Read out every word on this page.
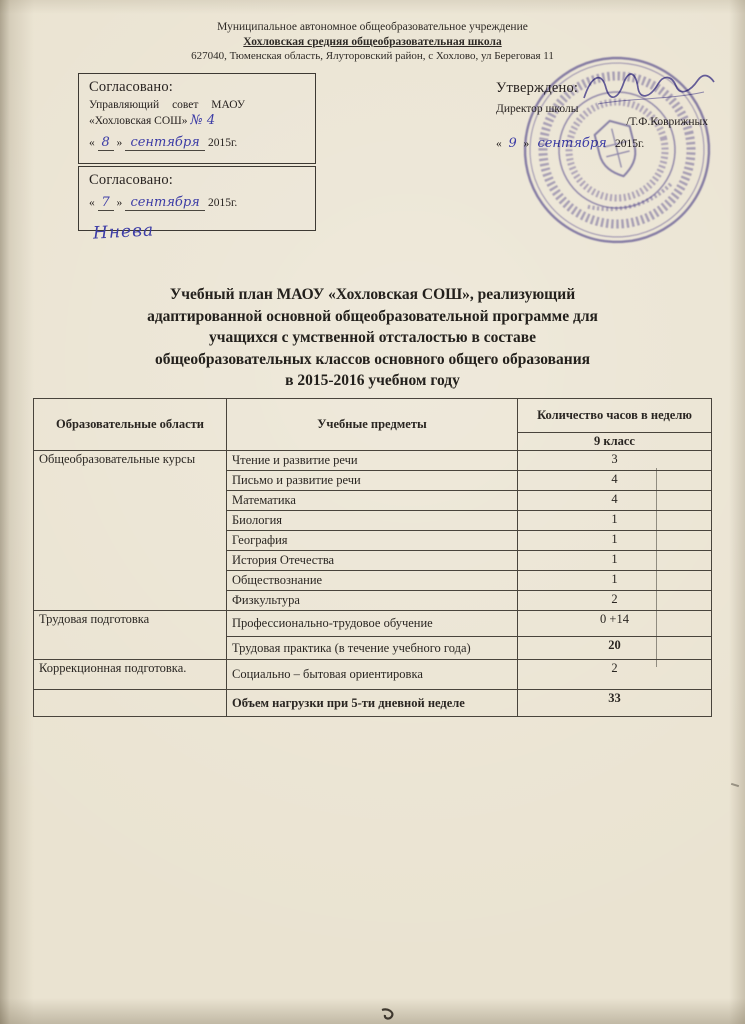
Муниципальное автономное общеобразовательное учреждение
Хохловская средняя общеобразовательная школа
627040, Тюменская область, Ялуторовский район, с Хохлово, ул Береговая 11
Согласовано:
Управляющий совет МАОУ
«Хохловская СОШ» № 4
« 8 » сентября 2015г.
Согласовано:
« 7 » сентября 2015г.
Ннева
Утверждено:
Директор школы
/Т.Ф.Коврижных
« 9 » сентября 2015г.
Учебный план МАОУ «Хохловская СОШ», реализующий
адаптированной основной общеобразовательной программе для
учащихся с умственной отсталостью в составе
общеобразовательных классов основного общего образования
в 2015-2016 учебном году
Образовательные области	Учебные предметы	Количество часов в неделю
		9 класс
Общеобразовательные курсы	Чтение и развитие речи	3
	Письмо и развитие речи	4
	Математика	4
	Биология	1
	География	1
	История Отечества	1
	Обществознание	1
	Физкультура	2
Трудовая подготовка	Профессионально-трудовое обучение	0 +14
	Трудовая практика (в течение учебного года)	20
Коррекционная подготовка.	Социально – бытовая ориентировка	2
	Объем нагрузки при 5-ти дневной неделе	33
